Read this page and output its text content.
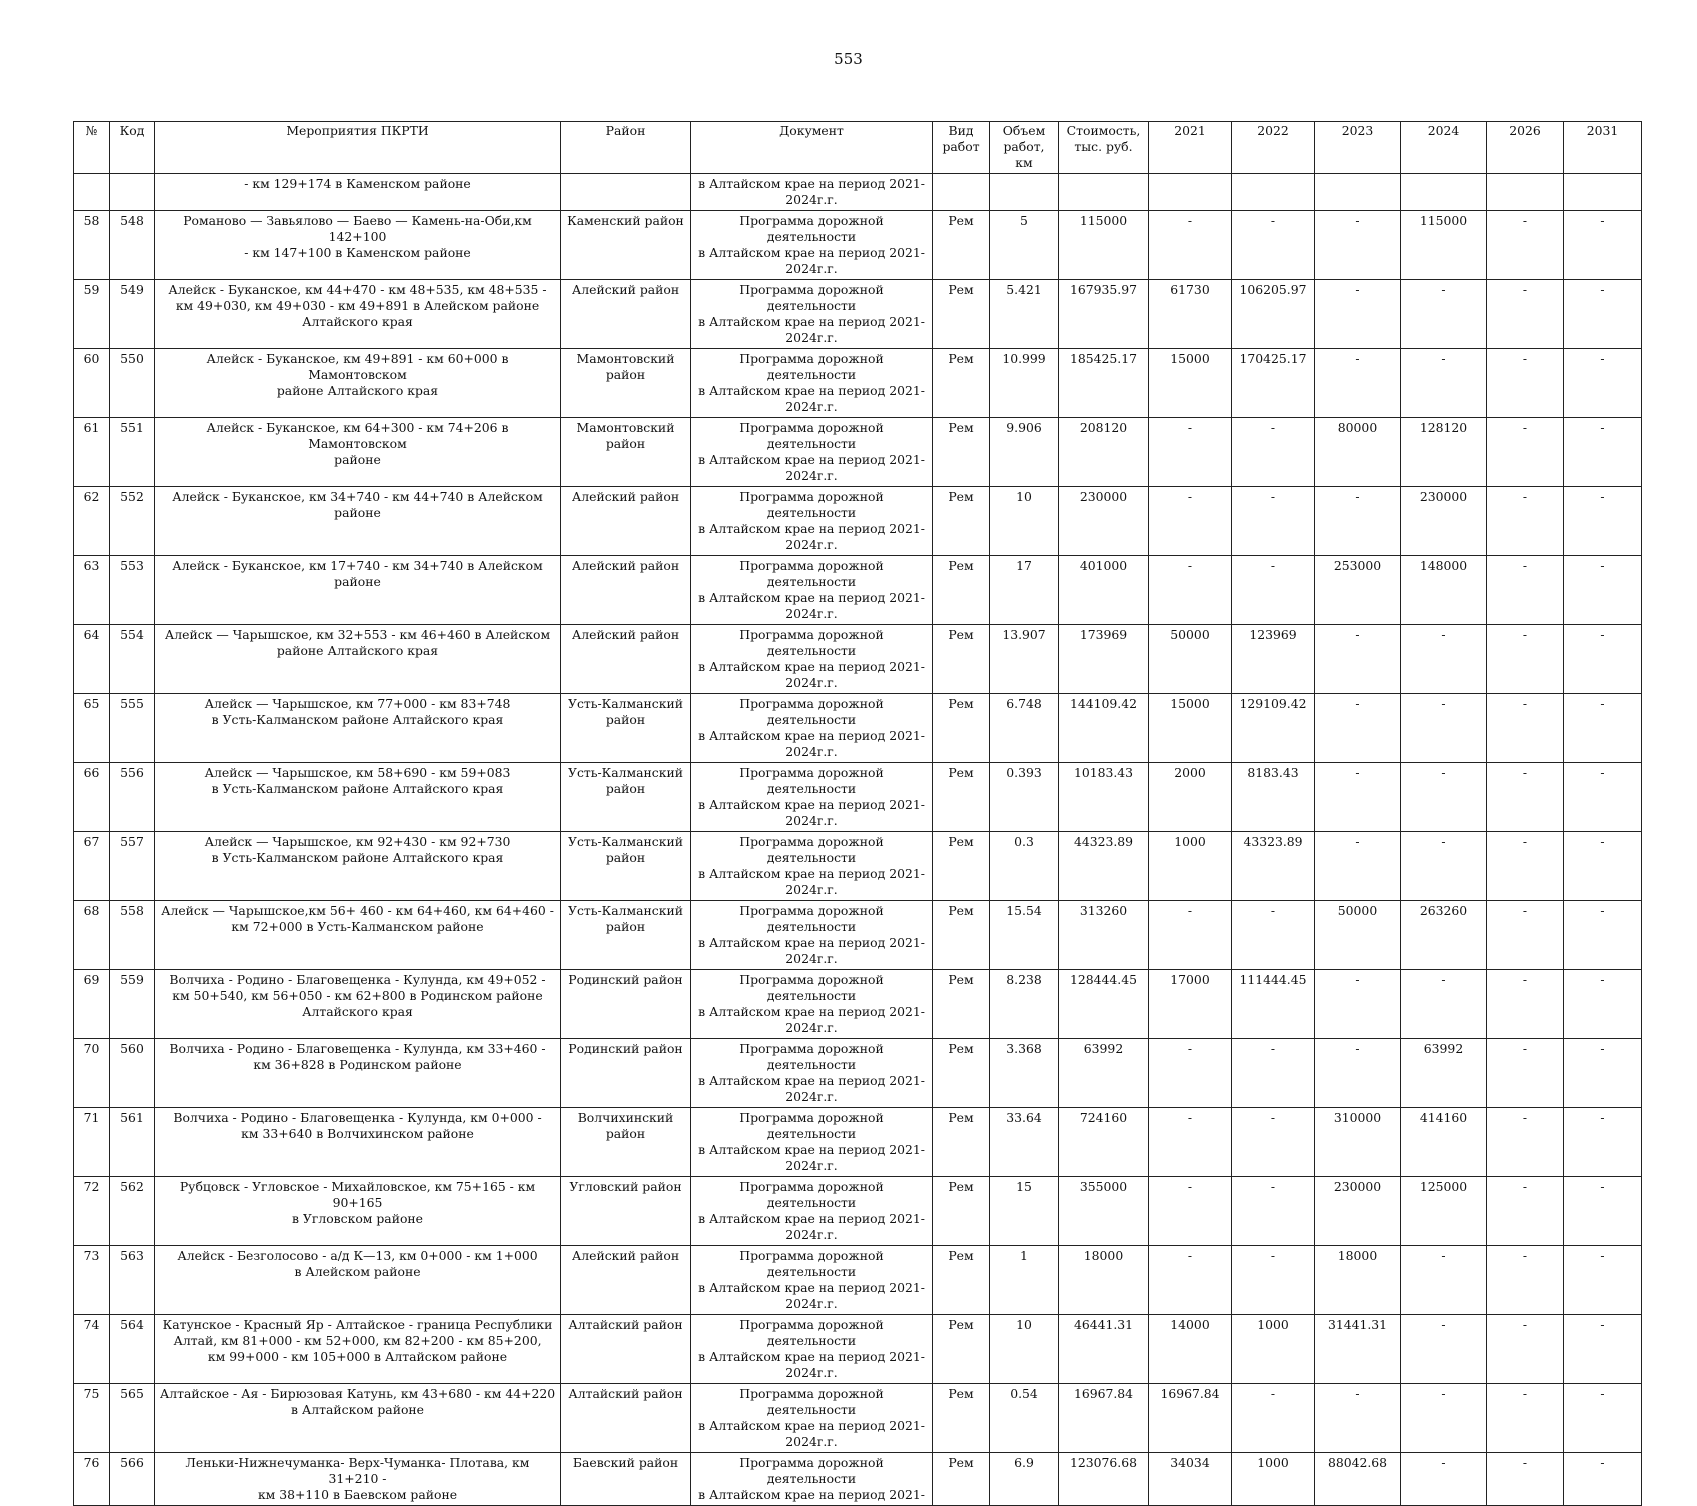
553
№	Код	Мероприятия ПКРТИ	Район	Документ	Вид работ	Объем работ, км	Стоимость, тыс. руб.	2021	2022	2023	2024	2026	2031
		- км 129+174 в Каменском районе		в Алтайском крае на период 2021-
2024г.г.									
58	548	Романово — Завьялово — Баево — Камень-на-Оби,км 142+100
- км 147+100 в Каменском районе	Каменский район	Программа дорожной деятельности
в Алтайском крае на период 2021-
2024г.г.	Рем	5	115000	-	-	-	115000	-	-
59	549	Алейск - Буканское, км 44+470 - км 48+535, км 48+535 -
км 49+030, км 49+030 - км 49+891 в Алейском районе
Алтайского края	Алейский район	Программа дорожной деятельности
в Алтайском крае на период 2021-
2024г.г.	Рем	5.421	167935.97	61730	106205.97	-	-	-	-
60	550	Алейск - Буканское, км 49+891 - км 60+000 в Мамонтовском
районе Алтайского края	Мамонтовский
район	Программа дорожной деятельности
в Алтайском крае на период 2021-
2024г.г.	Рем	10.999	185425.17	15000	170425.17	-	-	-	-
61	551	Алейск - Буканское, км 64+300 - км 74+206 в Мамонтовском
районе	Мамонтовский
район	Программа дорожной деятельности
в Алтайском крае на период 2021-
2024г.г.	Рем	9.906	208120	-	-	80000	128120	-	-
62	552	Алейск - Буканское, км 34+740 - км 44+740 в Алейском районе	Алейский район	Программа дорожной деятельности
в Алтайском крае на период 2021-
2024г.г.	Рем	10	230000	-	-	-	230000	-	-
63	553	Алейск - Буканское, км 17+740 - км 34+740 в Алейском районе	Алейский район	Программа дорожной деятельности
в Алтайском крае на период 2021-
2024г.г.	Рем	17	401000	-	-	253000	148000	-	-
64	554	Алейск — Чарышское, км 32+553 - км 46+460 в Алейском
районе Алтайского края	Алейский район	Программа дорожной деятельности
в Алтайском крае на период 2021-
2024г.г.	Рем	13.907	173969	50000	123969	-	-	-	-
65	555	Алейск — Чарышское, км 77+000 - км 83+748
в Усть-Калманском районе Алтайского края	Усть-Калманский
район	Программа дорожной деятельности
в Алтайском крае на период 2021-
2024г.г.	Рем	6.748	144109.42	15000	129109.42	-	-	-	-
66	556	Алейск — Чарышское, км 58+690 - км 59+083
в Усть-Калманском районе Алтайского края	Усть-Калманский
район	Программа дорожной деятельности
в Алтайском крае на период 2021-
2024г.г.	Рем	0.393	10183.43	2000	8183.43	-	-	-	-
67	557	Алейск — Чарышское, км 92+430 - км 92+730
в Усть-Калманском районе Алтайского края	Усть-Калманский
район	Программа дорожной деятельности
в Алтайском крае на период 2021-
2024г.г.	Рем	0.3	44323.89	1000	43323.89	-	-	-	-
68	558	Алейск — Чарышское,км 56+ 460 - км 64+460, км 64+460 -
км 72+000 в Усть-Калманском районе	Усть-Калманский
район	Программа дорожной деятельности
в Алтайском крае на период 2021-
2024г.г.	Рем	15.54	313260	-	-	50000	263260	-	-
69	559	Волчиха - Родино - Благовещенка - Кулунда, км 49+052 -
км 50+540, км 56+050 - км 62+800 в Родинском районе
Алтайского края	Родинский район	Программа дорожной деятельности
в Алтайском крае на период 2021-
2024г.г.	Рем	8.238	128444.45	17000	111444.45	-	-	-	-
70	560	Волчиха - Родино - Благовещенка - Кулунда, км 33+460 -
км 36+828 в Родинском районе	Родинский район	Программа дорожной деятельности
в Алтайском крае на период 2021-
2024г.г.	Рем	3.368	63992	-	-	-	63992	-	-
71	561	Волчиха - Родино - Благовещенка - Кулунда, км 0+000 -
км 33+640 в Волчихинском районе	Волчихинский
район	Программа дорожной деятельности
в Алтайском крае на период 2021-
2024г.г.	Рем	33.64	724160	-	-	310000	414160	-	-
72	562	Рубцовск - Угловское - Михайловское, км 75+165 - км 90+165
в Угловском районе	Угловский район	Программа дорожной деятельности
в Алтайском крае на период 2021-
2024г.г.	Рем	15	355000	-	-	230000	125000	-	-
73	563	Алейск - Безголосово - а/д К—13, км 0+000 - км 1+000
в Алейском районе	Алейский район	Программа дорожной деятельности
в Алтайском крае на период 2021-
2024г.г.	Рем	1	18000	-	-	18000	-	-	-
74	564	Катунское - Красный Яр - Алтайское - граница Республики
Алтай, км 81+000 - км 52+000, км 82+200 - км 85+200,
км 99+000 - км 105+000 в Алтайском районе	Алтайский район	Программа дорожной деятельности
в Алтайском крае на период 2021-
2024г.г.	Рем	10	46441.31	14000	1000	31441.31	-	-	-
75	565	Алтайское - Ая - Бирюзовая Катунь, км 43+680 - км 44+220
в Алтайском районе	Алтайский район	Программа дорожной деятельности
в Алтайском крае на период 2021-
2024г.г.	Рем	0.54	16967.84	16967.84	-	-	-	-	-
76	566	Леньки-Нижнечуманка- Верх-Чуманка- Плотава, км 31+210 -
км 38+110 в Баевском районе	Баевский район	Программа дорожной деятельности
в Алтайском крае на период 2021-	Рем	6.9	123076.68	34034	1000	88042.68	-	-	-
